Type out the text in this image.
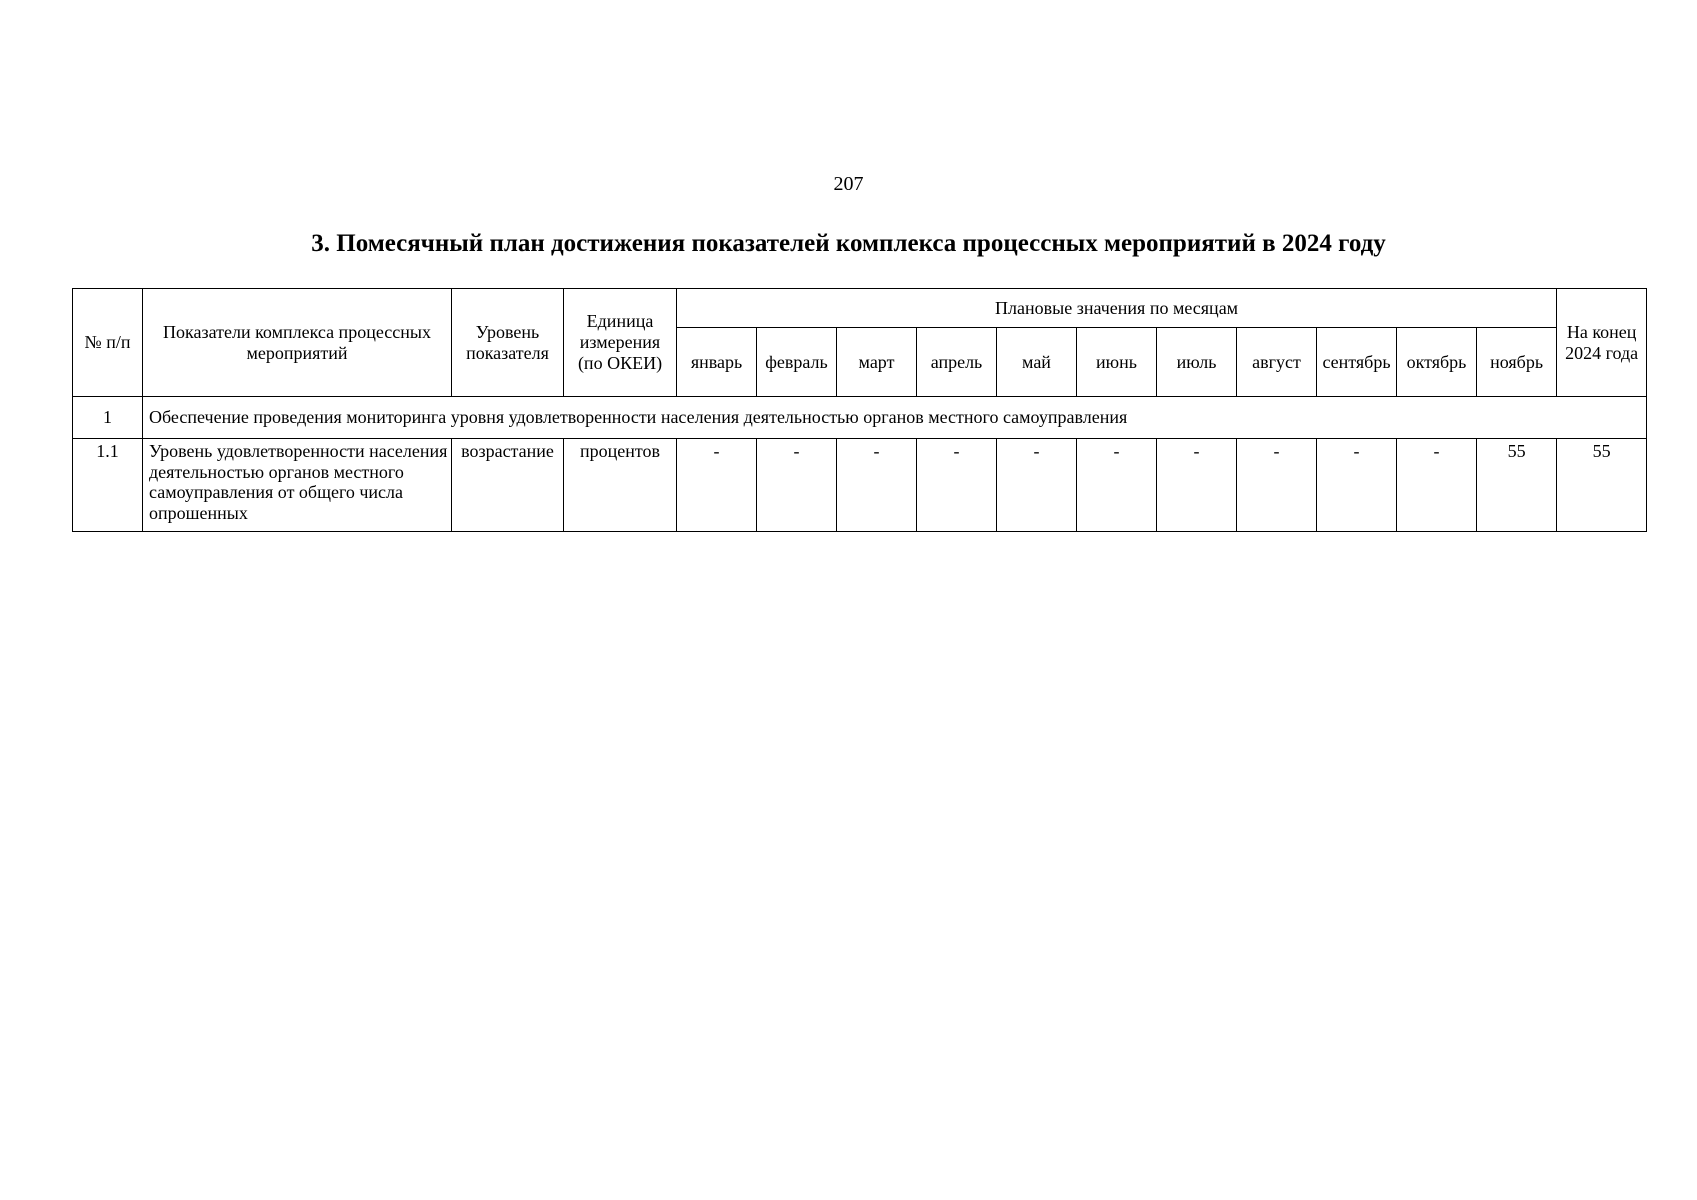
207
3. Помесячный план достижения показателей комплекса процессных мероприятий в 2024 году
№ п/п	Показатели комплекса процессных мероприятий	Уровень показателя	Единица измерения (по ОКЕИ)	Плановые значения по месяцам											На конец 2024 года
				январь	февраль	март	апрель	май	июнь	июль	август	сентябрь	октябрь	ноябрь	
1	Обеспечение проведения мониторинга уровня удовлетворенности населения деятельностью органов местного самоуправления														
1.1	Уровень удовлетворенности населения деятельностью органов местного самоуправления от общего числа опрошенных	возрастание	процентов	-	-	-	-	-	-	-	-	-	-	55	55
